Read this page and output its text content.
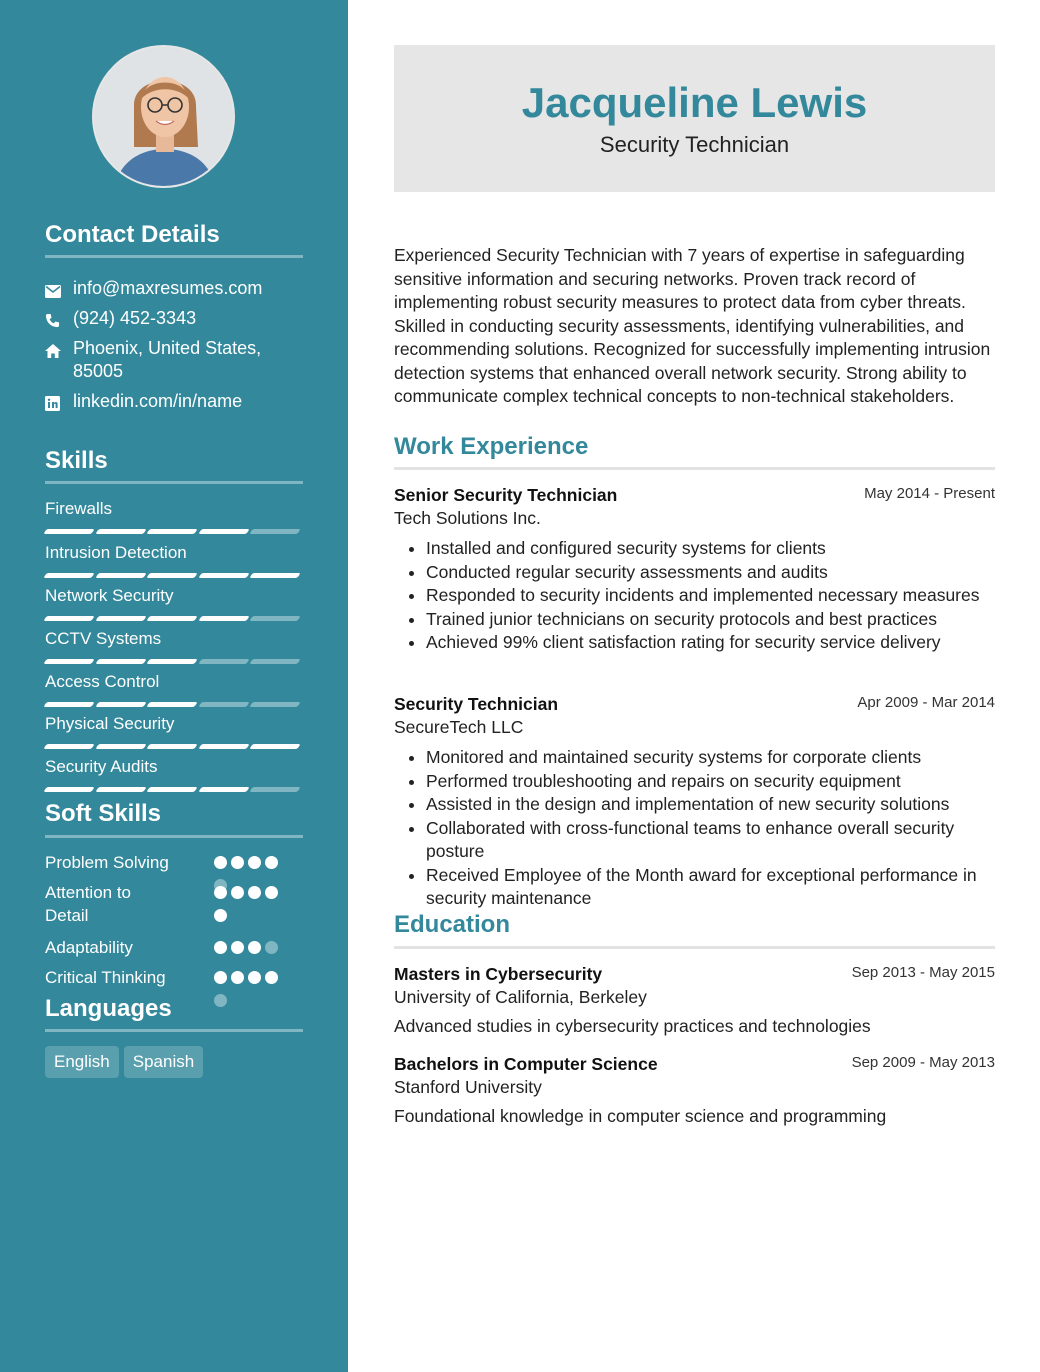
Contact Details
info@maxresumes.com
(924) 452-3343
Phoenix, United States, 85005
linkedin.com/in/name
Skills
Firewalls
Intrusion Detection
Network Security
CCTV Systems
Access Control
Physical Security
Security Audits
Soft Skills
Problem Solving
Attention to Detail
Adaptability
Critical Thinking
Languages
English	Spanish
Jacqueline Lewis
Security Technician
Experienced Security Technician with 7 years of expertise in safeguarding sensitive information and securing networks. Proven track record of implementing robust security measures to protect data from cyber threats. Skilled in conducting security assessments, identifying vulnerabilities, and recommending solutions. Recognized for successfully implementing intrusion detection systems that enhanced overall network security. Strong ability to communicate complex technical concepts to non-technical stakeholders.
Work Experience
Senior Security Technician	May 2014 - Present
Tech Solutions Inc.
• Installed and configured security systems for clients
• Conducted regular security assessments and audits
• Responded to security incidents and implemented necessary measures
• Trained junior technicians on security protocols and best practices
• Achieved 99% client satisfaction rating for security service delivery
Security Technician	Apr 2009 - Mar 2014
SecureTech LLC
• Monitored and maintained security systems for corporate clients
• Performed troubleshooting and repairs on security equipment
• Assisted in the design and implementation of new security solutions
• Collaborated with cross-functional teams to enhance overall security posture
• Received Employee of the Month award for exceptional performance in security maintenance
Education
Masters in Cybersecurity	Sep 2013 - May 2015
University of California, Berkeley
Advanced studies in cybersecurity practices and technologies
Bachelors in Computer Science	Sep 2009 - May 2013
Stanford University
Foundational knowledge in computer science and programming
